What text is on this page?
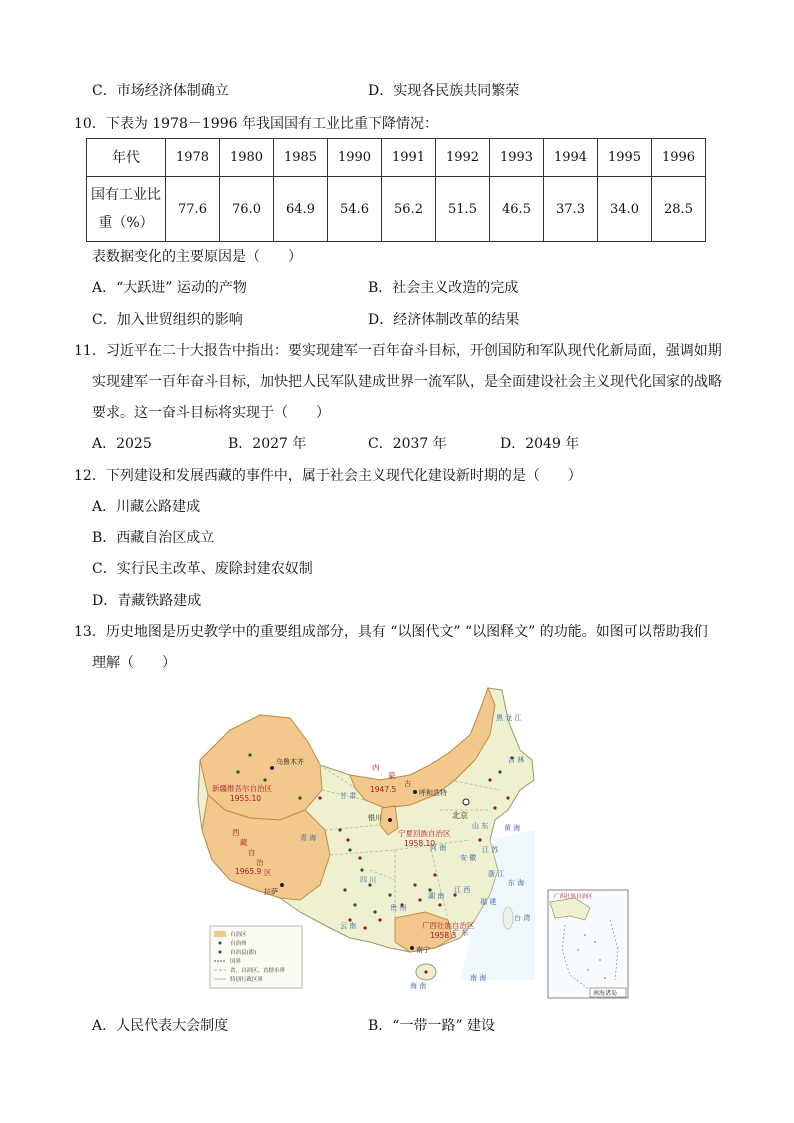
C．市场经济体制确立	D．实现各民族共同繁荣
10．下表为 1978－1996 年我国国有工业比重下降情况：
年代	1978	1980	1985	1990	1991	1992	1993	1994	1995	1996

国有工业比
重（%）	77.6	76.0	64.9	54.6	56.2	51.5	46.5	37.3	34.0	28.5
表数据变化的主要原因是（　　）
A．“大跃进” 运动的产物	B．社会主义改造的完成
C．加入世贸组织的影响	D．经济体制改革的结果
11．习近平在二十大报告中指出：要实现建军一百年奋斗目标，开创国防和军队现代化新局面，强调如期
实现建军一百年奋斗目标，加快把人民军队建成世界一流军队，是全面建设社会主义现代化国家的战略
要求。这一奋斗目标将实现于（　　）
A．2025	B．2027 年	C．2037 年	D．2049 年
12．下列建设和发展西藏的事件中，属于社会主义现代化建设新时期的是（　　）
A．川藏公路建成
B．西藏自治区成立
C．实行民主改革、废除封建农奴制
D．青藏铁路建成
13．历史地图是历史教学中的重要组成部分，具有 “以图代文” “以图释文” 的功能。如图可以帮助我们
理解（　　）
新疆维吾尔自治区
1955.10
西
藏
自
治
区
1965.9
内
蒙
古
1947.5
宁夏回族自治区
1958.10
广西壮族自治区
1958.3
乌鲁木齐
拉萨
呼和浩特
北京
银川
南宁
黑 龙 江
吉 林
甘 肃
青 海
四 川
云 南
河 南
湖 南
贵 州
山 东
江 苏
安 徽
江 西
福 建
浙 江
广 东
台 湾
海 南
黄 海
东 海
南 海
自治区
自治州
自治县(旗)
国界
省、自治区、直辖市界
特别行政区界
广西壮族自治区
南海诸岛
A．人民代表大会制度	B．“一带一路” 建设
